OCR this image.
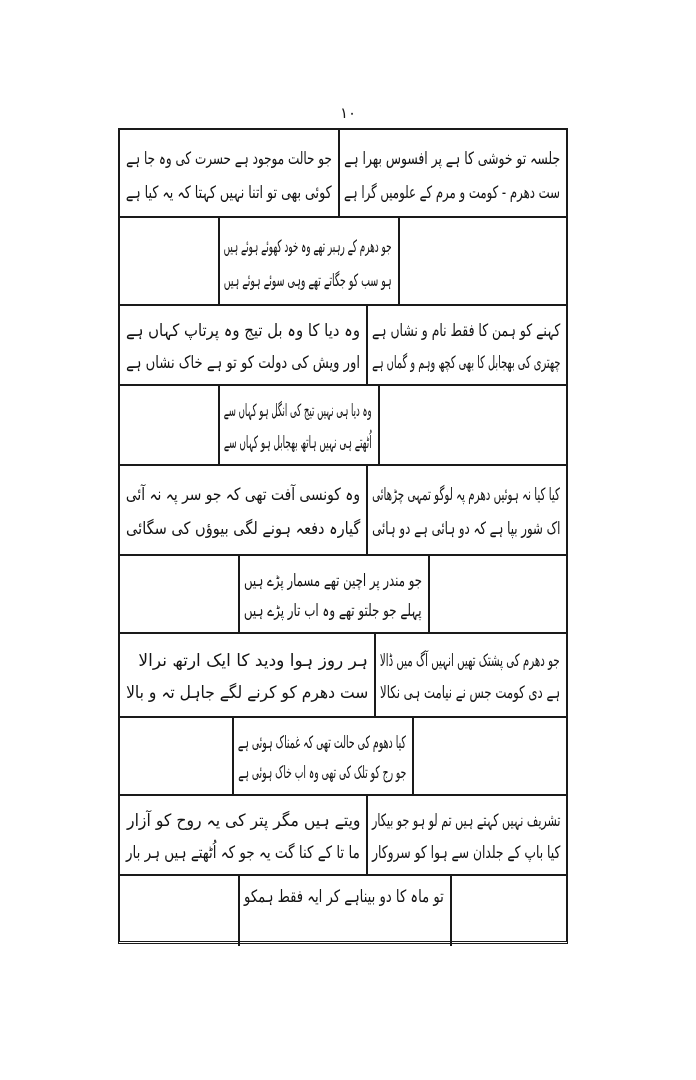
۱۰
جلسہ تو خوشی کا ہے پر افسوس بھرا ہے
ست دھرم - کومت و مرم کے علومیں گرا ہے
جو حالت موجود ہے حسرت کی وہ جا ہے
کوئی بھی تو اتنا نہیں کہتا کہ یہ کیا ہے
جو دھرم کے رہبر تھے وہ خود کھوئے ہوئے ہیں
ہو سب کو جگاتے تھے وہی سوئے ہوئے ہیں
کہنے کو ہمن کا فقط نام و نشاں ہے
چھتری کی بھجابل کا بھی کچھ وہم و گماں ہے
وہ دیا کا وہ بل تیج وہ پرتاپ کہاں ہے
اور ویش کی دولت کو تو ہے خاک نشاں ہے
وہ دیا ہی نہیں تیج کی انگل ہو کہاں سے
اُٹھتے ہی نہیں ہاتھ بھجابل ہو کہاں سے
کیا کیا نہ ہوئیں دھرم پہ لوگو تمہی چڑھائی
اک شور بپا ہے کہ دو ہائی ہے دو ہائی
وہ کونسی آفت تھی کہ جو سر پہ نہ آئی
گیارہ دفعہ ہونے لگی بیوؤں کی سگائی
جو مندر پر اچین تھے مسمار پڑے ہیں
پہلے جو جلتو تھے وہ اب تار پڑے ہیں
جو دھرم کی پشتک تھیں انہیں آگ میں ڈالا
ہے دی کومت جس نے نیامت ہی نکالا
ہر روز ہوا ودید کا ایک ارتھ نرالا
ست دھرم کو کرنے لگے جاہل تہ و بالا
کیا دھوم کی حالت تھی کہ غمناک ہوئی ہے
جو رج کو تلک کی تھی وہ اب خاک ہوئی ہے
تشریف نہیں کہتے ہیں تم لو ہو جو بیکار
کیا باپ کے جلدان سے ہوا کو سروکار
ویتے ہیں مگر پتر کی یہ روح کو آزار
ما تا کے کنا گت یہ جو کہ اُٹھتے ہیں ہر بار
تو ماہ کا دو بیناہے کر ایہ فقط ہمکو
